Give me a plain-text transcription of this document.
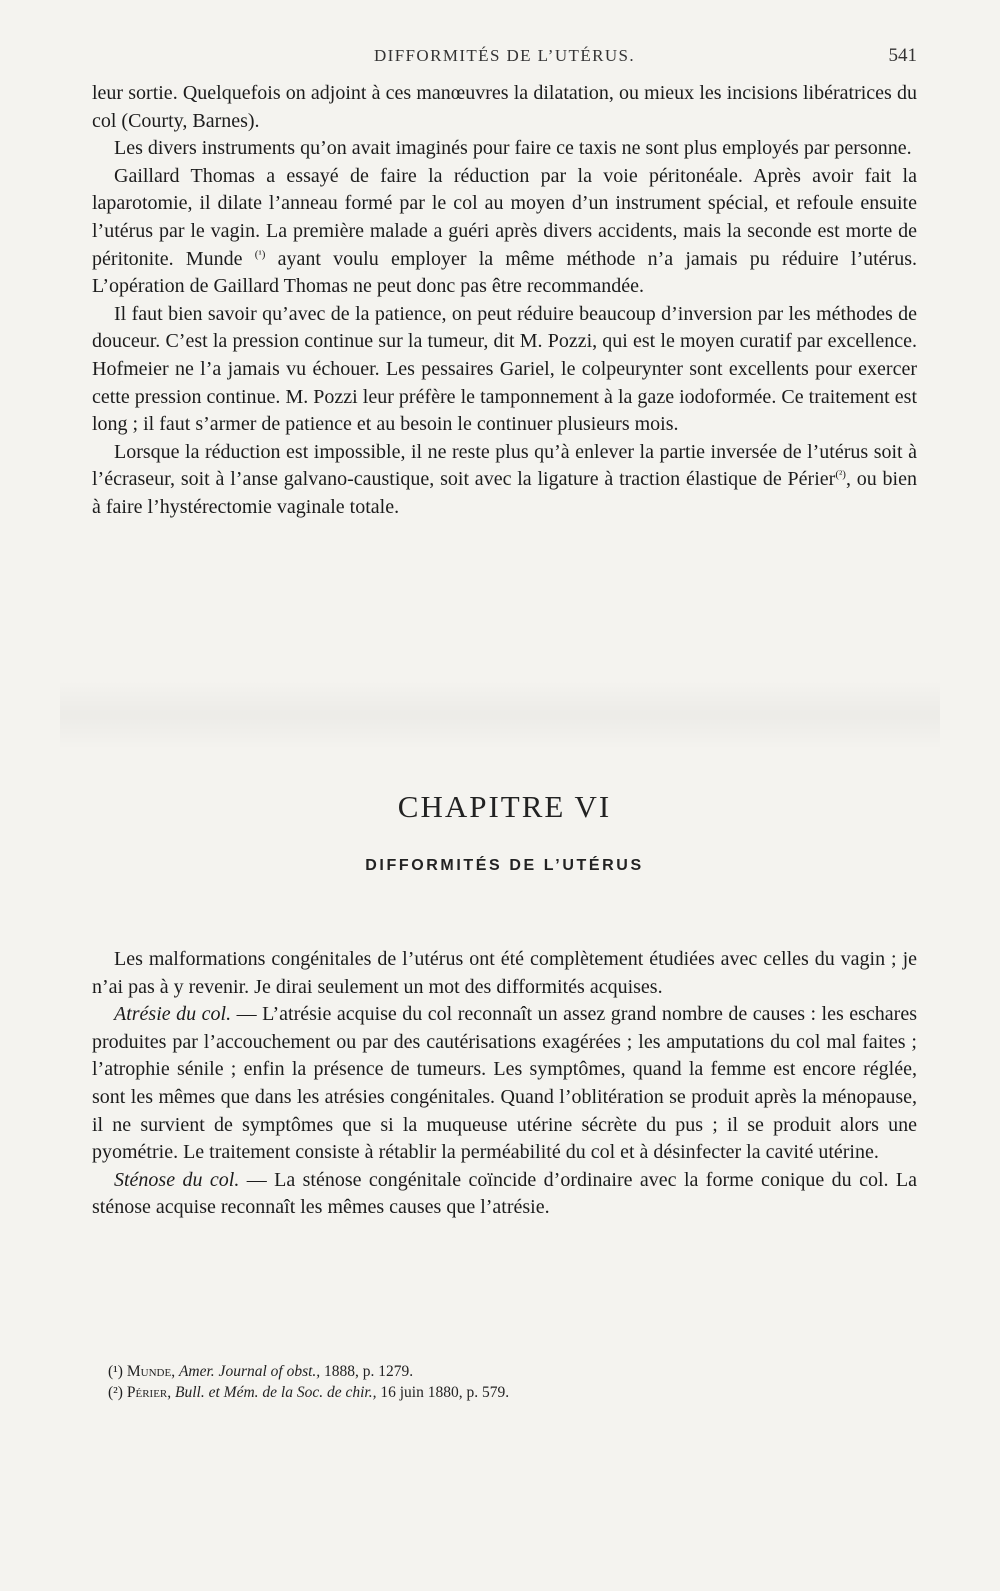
DIFFORMITÉS DE L’UTÉRUS.	541

leur sortie. Quelquefois on adjoint à ces manœuvres la dilatation, ou mieux les incisions libératrices du col (Courty, Barnes).

Les divers instruments qu’on avait imaginés pour faire ce taxis ne sont plus employés par personne.

Gaillard Thomas a essayé de faire la réduction par la voie péritonéale. Après avoir fait la laparotomie, il dilate l’anneau formé par le col au moyen d’un instrument spécial, et refoule ensuite l’utérus par le vagin. La première malade a guéri après divers accidents, mais la seconde est morte de péritonite. Munde $^{(^1)}$ ayant voulu employer la même méthode n’a jamais pu réduire l’utérus. L’opération de Gaillard Thomas ne peut donc pas être recommandée.

Il faut bien savoir qu’avec de la patience, on peut réduire beaucoup d’inversion par les méthodes de douceur. C’est la pression continue sur la tumeur, dit M. Pozzi, qui est le moyen curatif par excellence. Hofmeier ne l’a jamais vu échouer. Les pessaires Gariel, le colpeurynter sont excellents pour exercer cette pression continue. M. Pozzi leur préfère le tamponnement à la gaze iodoformée. Ce traitement est long ; il faut s’armer de patience et au besoin le continuer plusieurs mois.

Lorsque la réduction est impossible, il ne reste plus qu’à enlever la partie inversée de l’utérus soit à l’écraseur, soit à l’anse galvano-caustique, soit avec la ligature à traction élastique de Périer$^{(^2)}$, ou bien à faire l’hystérectomie vaginale totale.

CHAPITRE VI
DIFFORMITÉS DE L’UTÉRUS

Les malformations congénitales de l’utérus ont été complètement étudiées avec celles du vagin ; je n’ai pas à y revenir. Je dirai seulement un mot des difformités acquises.

Atrésie du col. — L’atrésie acquise du col reconnaît un assez grand nombre de causes : les eschares produites par l’accouchement ou par des cautérisations exagérées ; les amputations du col mal faites ; l’atrophie sénile ; enfin la présence de tumeurs. Les symptômes, quand la femme est encore réglée, sont les mêmes que dans les atrésies congénitales. Quand l’oblitération se produit après la ménopause, il ne survient de symptômes que si la muqueuse utérine sécrète du pus ; il se produit alors une pyométrie. Le traitement consiste à rétablir la perméabilité du col et à désinfecter la cavité utérine.

Sténose du col. — La sténose congénitale coïncide d’ordinaire avec la forme conique du col. La sténose acquise reconnaît les mêmes causes que l’atrésie.

(¹) Munde, Amer. Journal of obst., 1888, p. 1279.
(²) Périer, Bull. et Mém. de la Soc. de chir., 16 juin 1880, p. 579.
